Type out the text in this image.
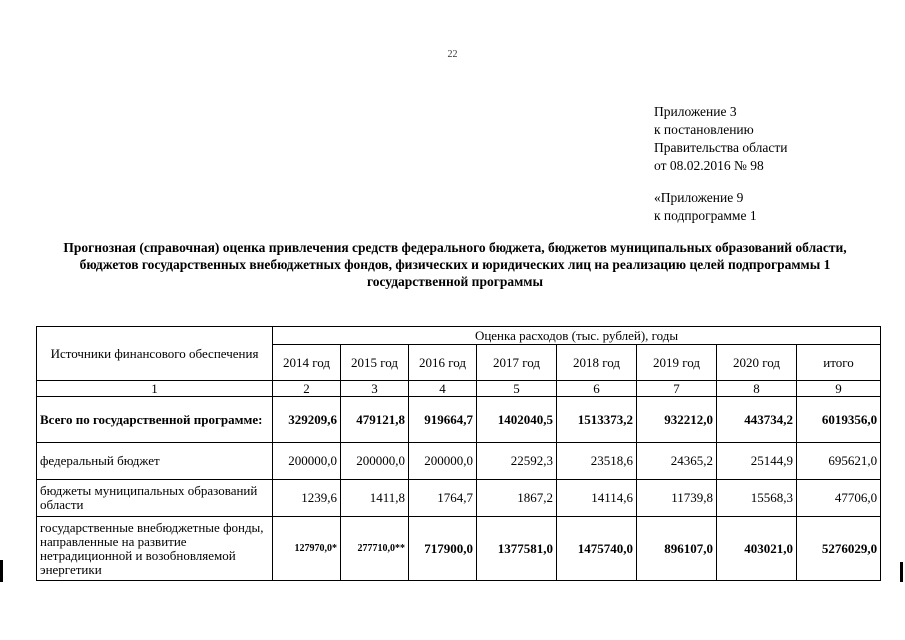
22
Приложение 3
к постановлению
Правительства области
от 08.02.2016 № 98
«Приложение 9
к подпрограмме 1
Прогнозная (справочная) оценка привлечения средств федерального бюджета, бюджетов муниципальных образований области, бюджетов государственных внебюджетных фондов, физических и юридических лиц на реализацию целей подпрограммы 1 государственной программы
Источники финансового обеспечения	Оценка расходов (тыс. рублей), годы							
	2014 год	2015 год	2016 год	2017 год	2018 год	2019 год	2020 год	итого
1	2	3	4	5	6	7	8	9
Всего по государственной программе:	329209,6	479121,8	919664,7	1402040,5	1513373,2	932212,0	443734,2	6019356,0
федеральный бюджет	200000,0	200000,0	200000,0	22592,3	23518,6	24365,2	25144,9	695621,0
бюджеты муниципальных образований области	1239,6	1411,8	1764,7	1867,2	14114,6	11739,8	15568,3	47706,0
государственные внебюджетные фонды, направленные на развитие нетрадиционной и возобновляемой энергетики	127970,0*	277710,0**	717900,0	1377581,0	1475740,0	896107,0	403021,0	5276029,0
